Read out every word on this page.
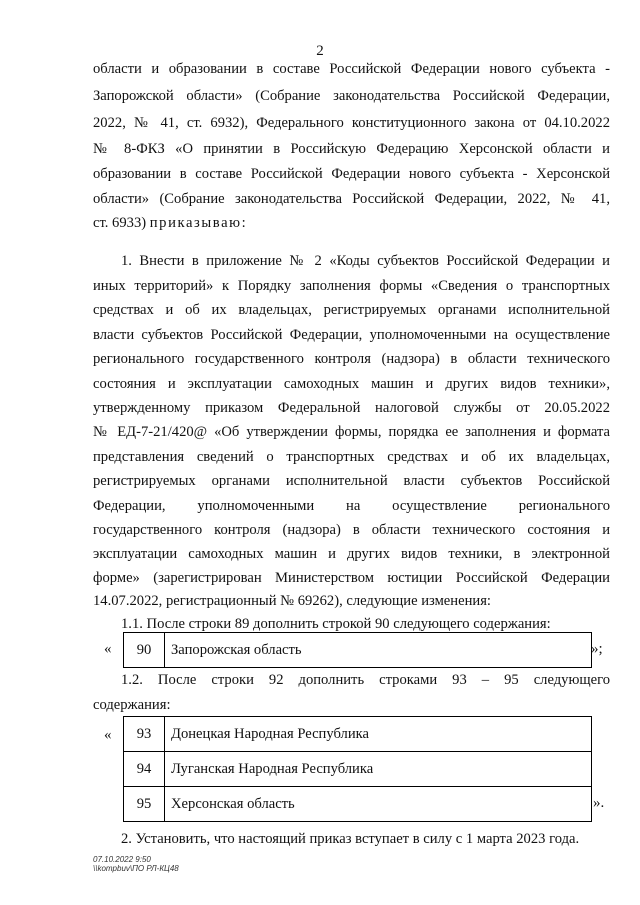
2
области и образовании в составе Российской Федерации нового субъекта -
Запорожской области» (Собрание законодательства Российской Федерации,
2022, № 41, ст. 6932), Федерального конституционного закона от 04.10.2022
№ 8-ФКЗ «О принятии в Российскую Федерацию Херсонской области и
образовании в составе Российской Федерации нового субъекта - Херсонской
области» (Собрание законодательства Российской Федерации, 2022, № 41,
ст. 6933) приказываю:
1. Внести в приложение № 2 «Коды субъектов Российской Федерации и
иных территорий» к Порядку заполнения формы «Сведения о транспортных
средствах и об их владельцах, регистрируемых органами исполнительной
власти субъектов Российской Федерации, уполномоченными на осуществление
регионального государственного контроля (надзора) в области технического
состояния и эксплуатации самоходных машин и других видов техники»,
утвержденному приказом Федеральной налоговой службы от 20.05.2022
№ ЕД-7-21/420@ «Об утверждении формы, порядка ее заполнения и формата
представления сведений о транспортных средствах и об их владельцах,
регистрируемых органами исполнительной власти субъектов Российской
Федерации, уполномоченными на осуществление регионального
государственного контроля (надзора) в области технического состояния и
эксплуатации самоходных машин и других видов техники, в электронной
форме» (зарегистрирован Министерством юстиции Российской Федерации
14.07.2022, регистрационный № 69262), следующие изменения:
1.1. После строки 89 дополнить строкой 90 следующего содержания:
« 90	Запорожская область	»;
1.2. После строки 92 дополнить строками 93 – 95 следующего
содержания:
« 93	Донецкая Народная Республика
94	Луганская Народная Республика
95	Херсонская область	».
2. Установить, что настоящий приказ вступает в силу с 1 марта 2023 года.
07.10.2022 9:50
\\kompbuv\ПО РЛ-КЦ48
